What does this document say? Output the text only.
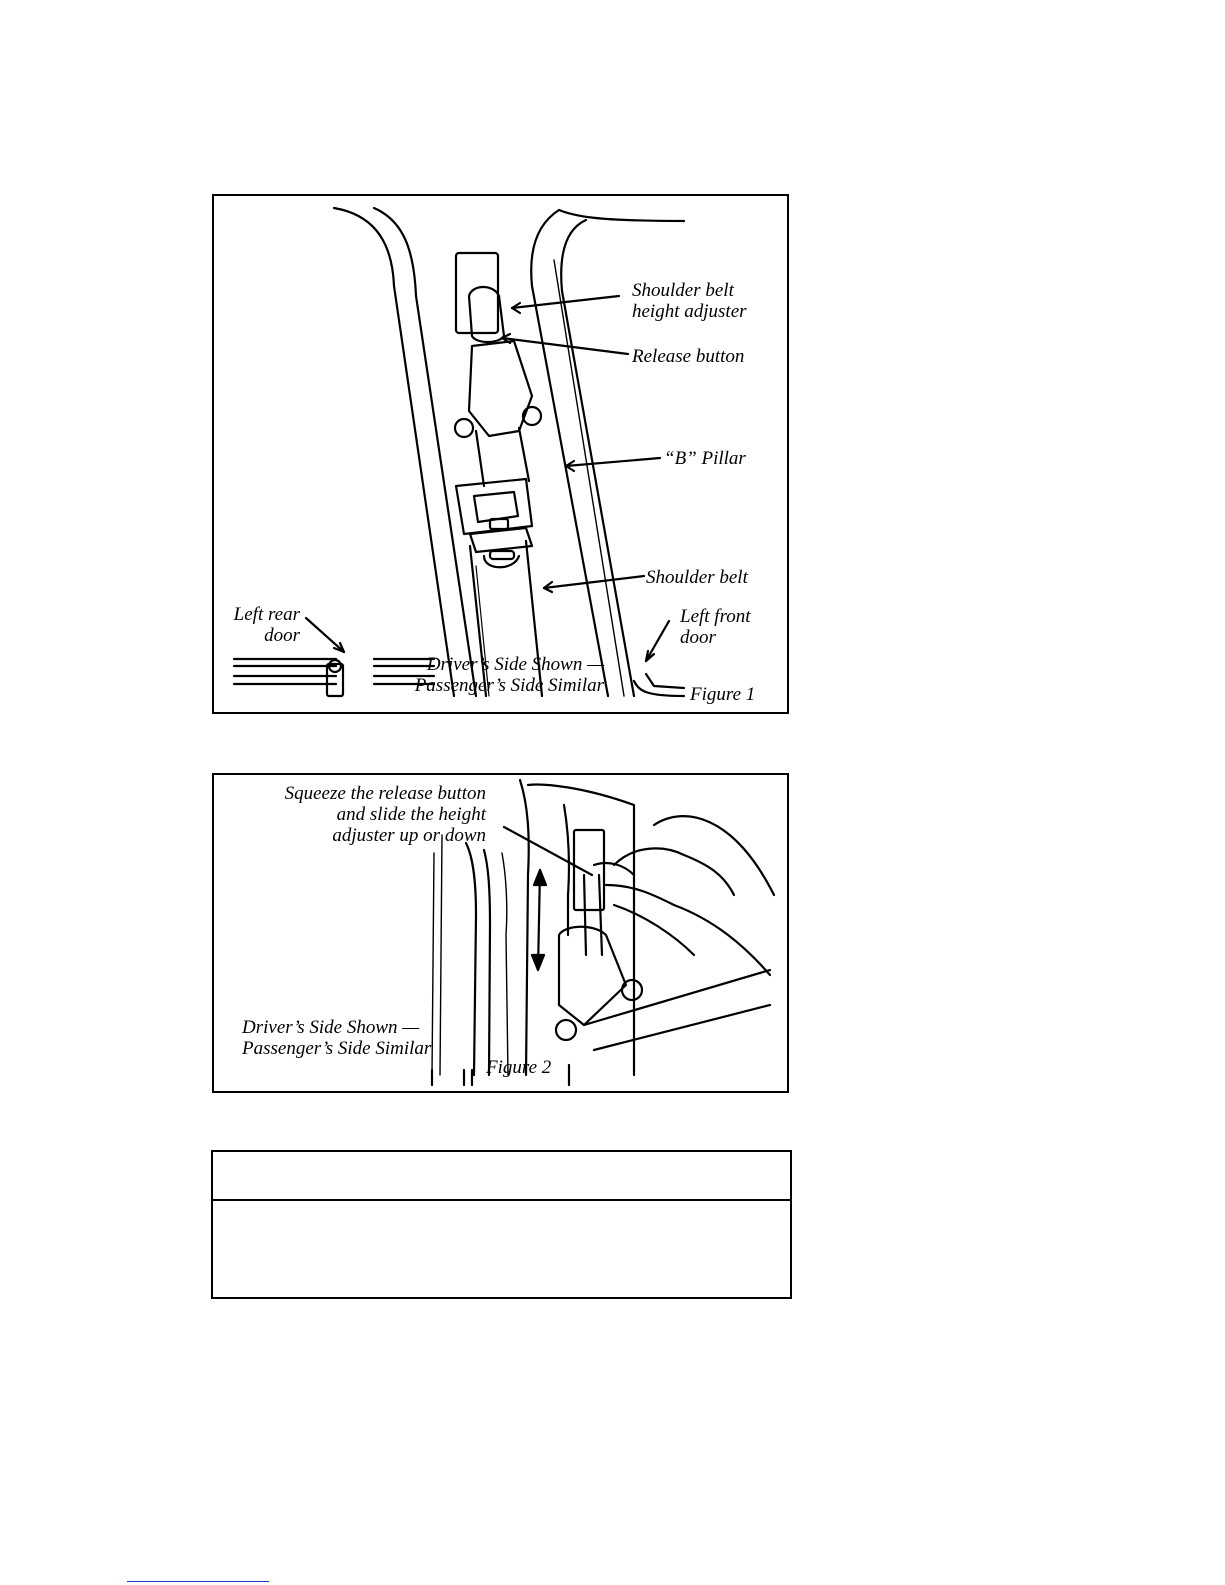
Shoulder belt
height adjuster
Release button
“B” Pillar
Shoulder belt
Left front
door
Left rear
door
Driver’s Side Shown —
Passenger’s Side Similar	Figure 1
Squeeze the release button
and slide the height
adjuster up or down
Driver’s Side Shown —
Passenger’s Side Similar
Figure 2
